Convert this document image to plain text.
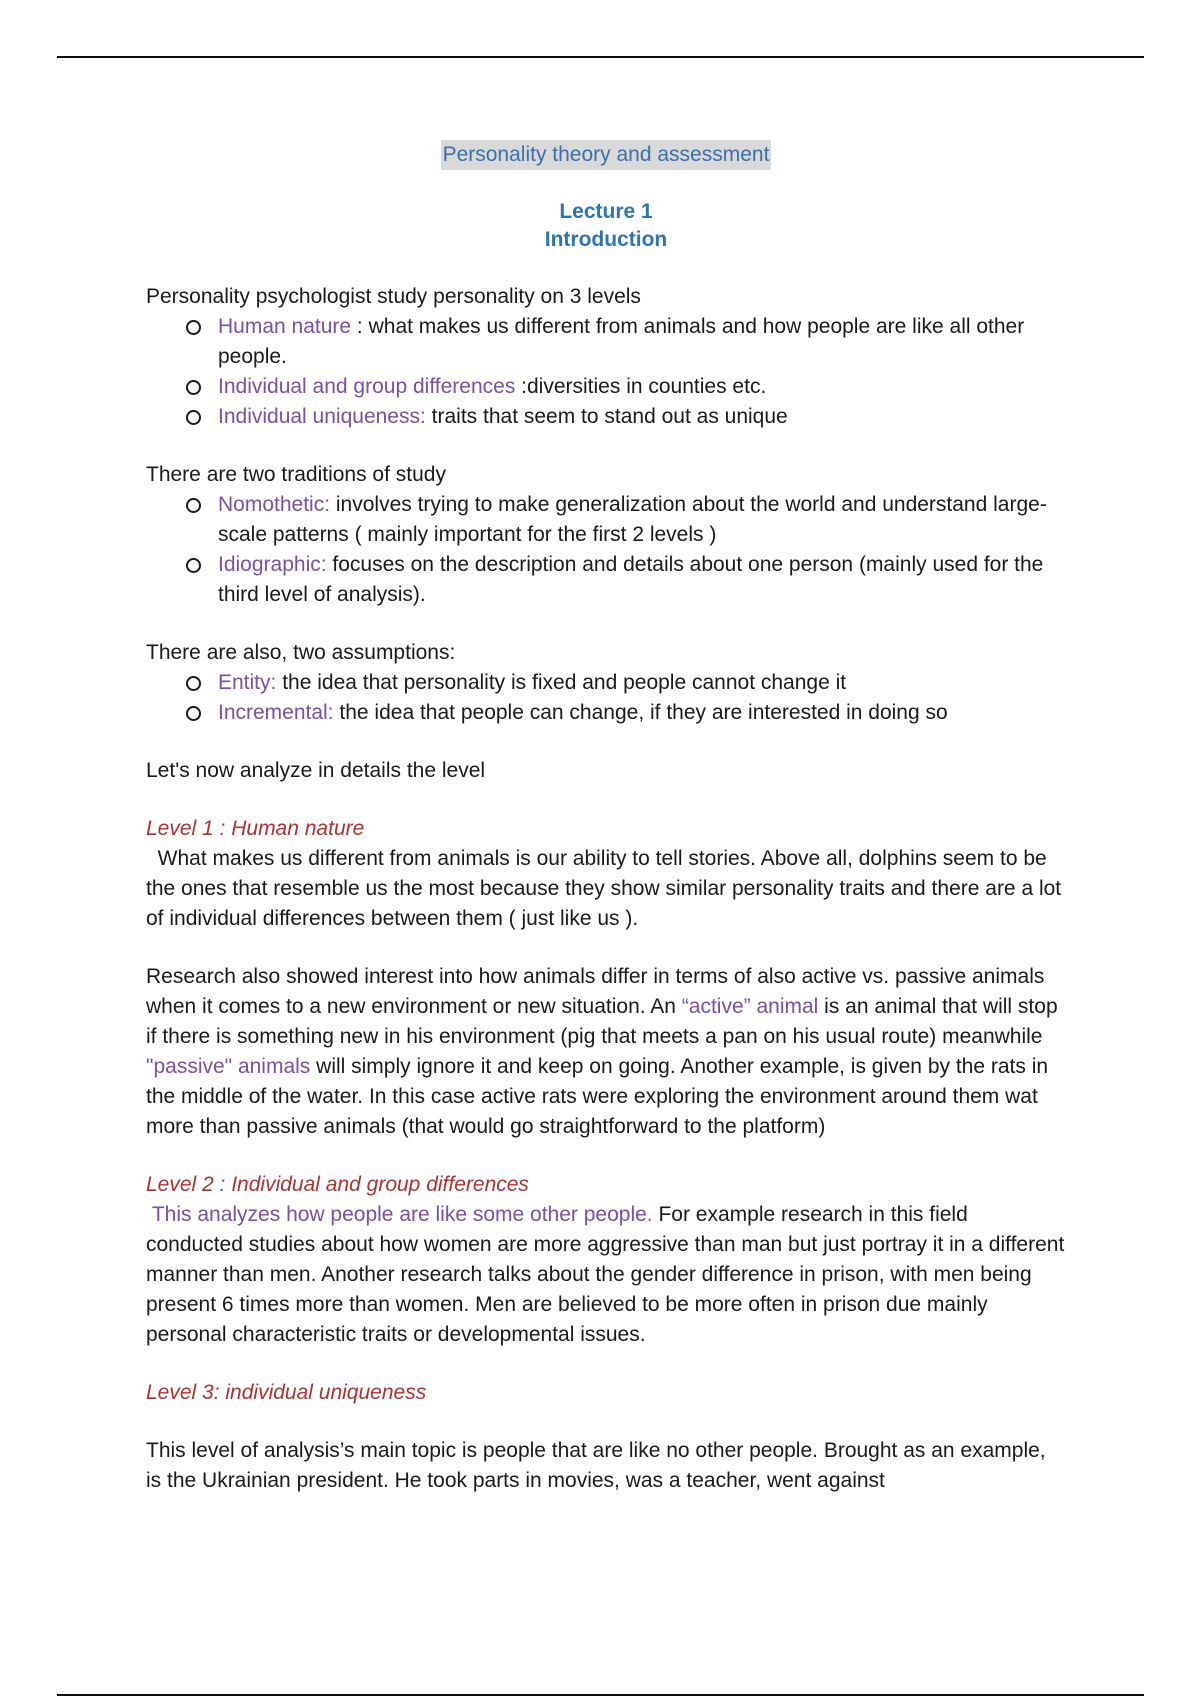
Personality theory and assessment
Lecture 1
Introduction

Personality psychologist study personality on 3 levels

Human nature : what makes us different from animals and how people are like all other people.
Individual and group differences :diversities in counties etc.
Individual uniqueness: traits that seem to stand out as unique

There are two traditions of study

Nomothetic: involves trying to make generalization about the world and understand large-scale patterns ( mainly important for the first 2 levels )
Idiographic: focuses on the description and details about one person (mainly used for the third level of analysis).

There are also, two assumptions:

Entity: the idea that personality is fixed and people cannot change it
Incremental: the idea that people can change, if they are interested in doing so

Let's now analyze in details the level

Level 1 : Human nature

What makes us different from animals is our ability to tell stories. Above all, dolphins seem to be the ones that resemble us the most because they show similar personality traits and there are a lot of individual differences between them ( just like us ).

Research also showed interest into how animals differ in terms of also active vs. passive animals when it comes to a new environment or new situation. An “active” animal is an animal that will stop if there is something new in his environment (pig that meets a pan on his usual route) meanwhile "passive" animals will simply ignore it and keep on going. Another example, is given by the rats in the middle of the water. In this case active rats were exploring the environment around them wat more than passive animals (that would go straightforward to the platform)

Level 2 : Individual and group differences

This analyzes how people are like some other people. For example research in this field conducted studies about how women are more aggressive than man but just portray it in a different manner than men. Another research talks about the gender difference in prison, with men being present 6 times more than women. Men are believed to be more often in prison due mainly personal characteristic traits or developmental issues.

Level 3: individual uniqueness

This level of analysis’s main topic is people that are like no other people. Brought as an example, is the Ukrainian president. He took parts in movies, was a teacher, went against
